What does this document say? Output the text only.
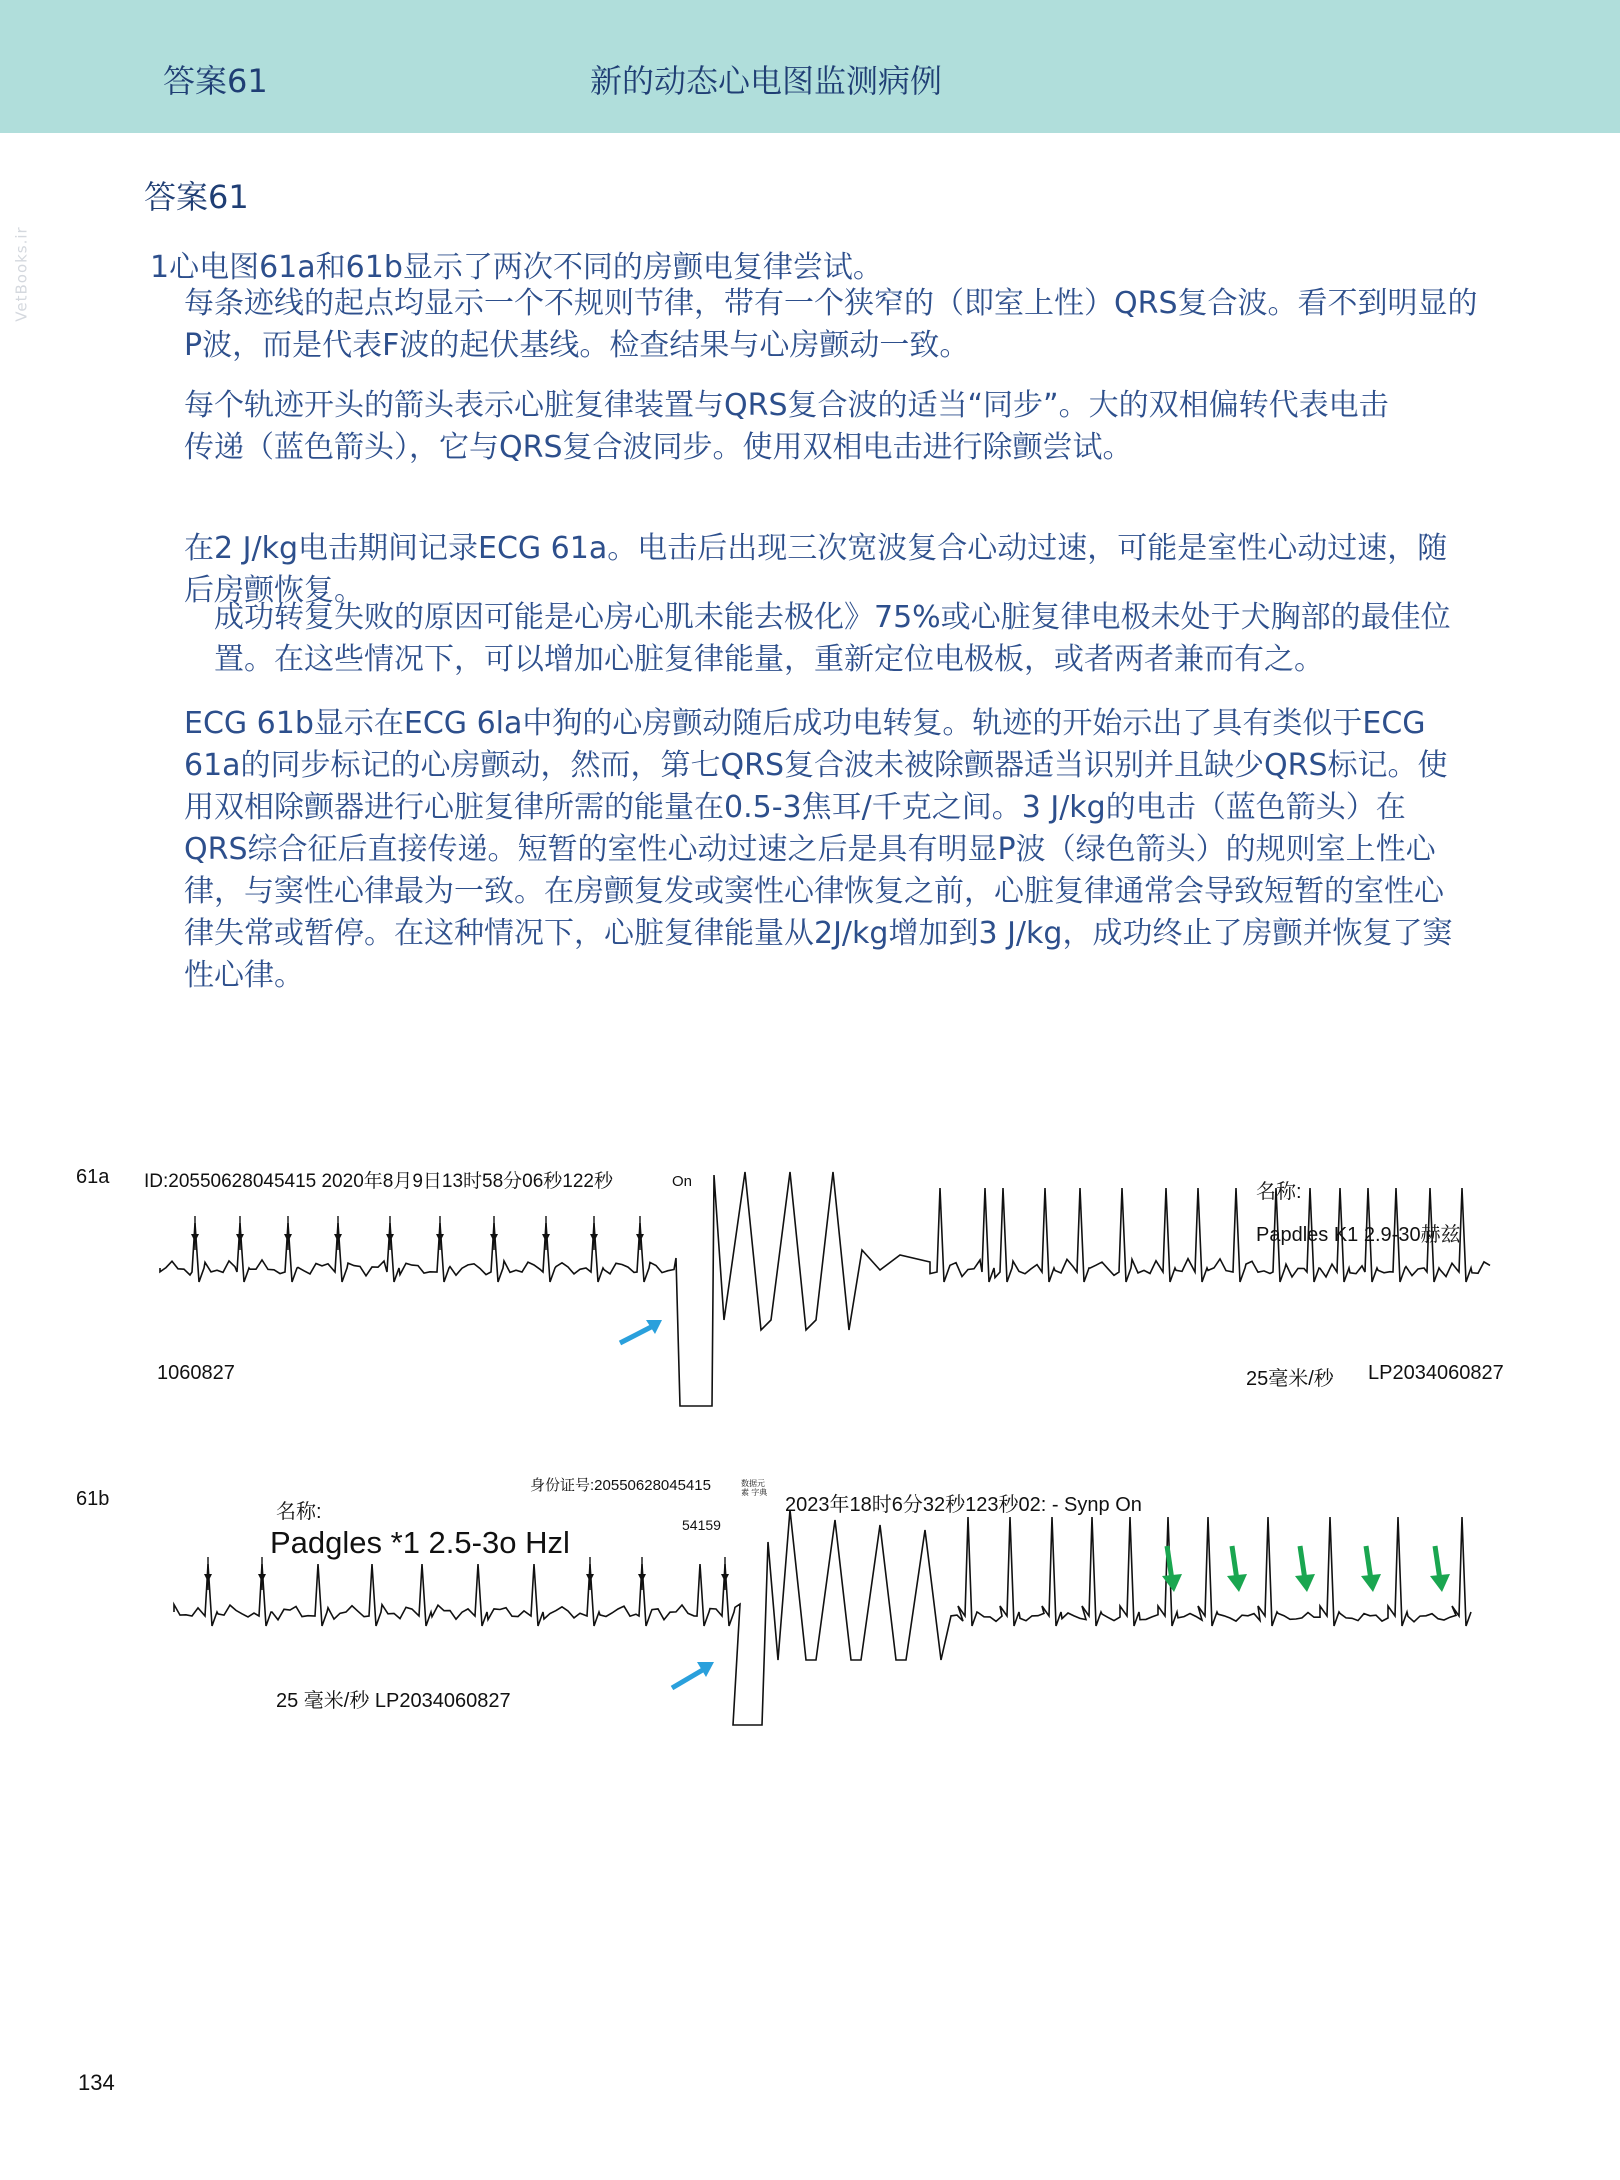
答案61	新的动态心电图监测病例
VetBooks.ir
答案61

1心电图61a和61b显示了两次不同的房颤电复律尝试。

每条迹线的起点均显示一个不规则节律，带有一个狭窄的（即室上性）QRS复合波。看不到明显的P波，而是代表F波的起伏基线。检查结果与心房颤动一致。

每个轨迹开头的箭头表示心脏复律装置与QRS复合波的适当“同步”。大的双相偏转代表电击传递（蓝色箭头），它与QRS复合波同步。使用双相电击进行除颤尝试。

在2 J/kg电击期间记录ECG 61a。电击后出现三次宽波复合心动过速，可能是室性心动过速，随后房颤恢复。

成功转复失败的原因可能是心房心肌未能去极化》75%或心脏复律电极未处于犬胸部的最佳位置。在这些情况下，可以增加心脏复律能量，重新定位电极板，或者两者兼而有之。

ECG 61b显示在ECG 6la中狗的心房颤动随后成功电转复。轨迹的开始示出了具有类似于ECG 61a的同步标记的心房颤动，然而，第七QRS复合波未被除颤器适当识别并且缺少QRS标记。使用双相除颤器进行心脏复律所需的能量在0.5-3焦耳/千克之间。3 J/kg的电击（蓝色箭头）在QRS综合征后直接传递。短暂的室性心动过速之后是具有明显P波（绿色箭头）的规则室上性心律，与窦性心律最为一致。在房颤复发或窦性心律恢复之前，心脏复律通常会导致短暂的室性心律失常或暂停。在这种情况下，心脏复律能量从2J/kg增加到3 J/kg，成功终止了房颤并恢复了窦性心律。

61a ID:20550628045415 2020年8月9日13时58分06秒122秒	On	名称:
Papdles K1 2.9-30赫兹
1060827	25毫米/秒 LP2034060827
61b
名称:
Padgles *1 2.5-3o Hzl
身份证号:20550628045415	数据元素 字典
54159
2023年18时6分32秒123秒02: - Synp On
25 毫米/秒 LP2034060827
134
